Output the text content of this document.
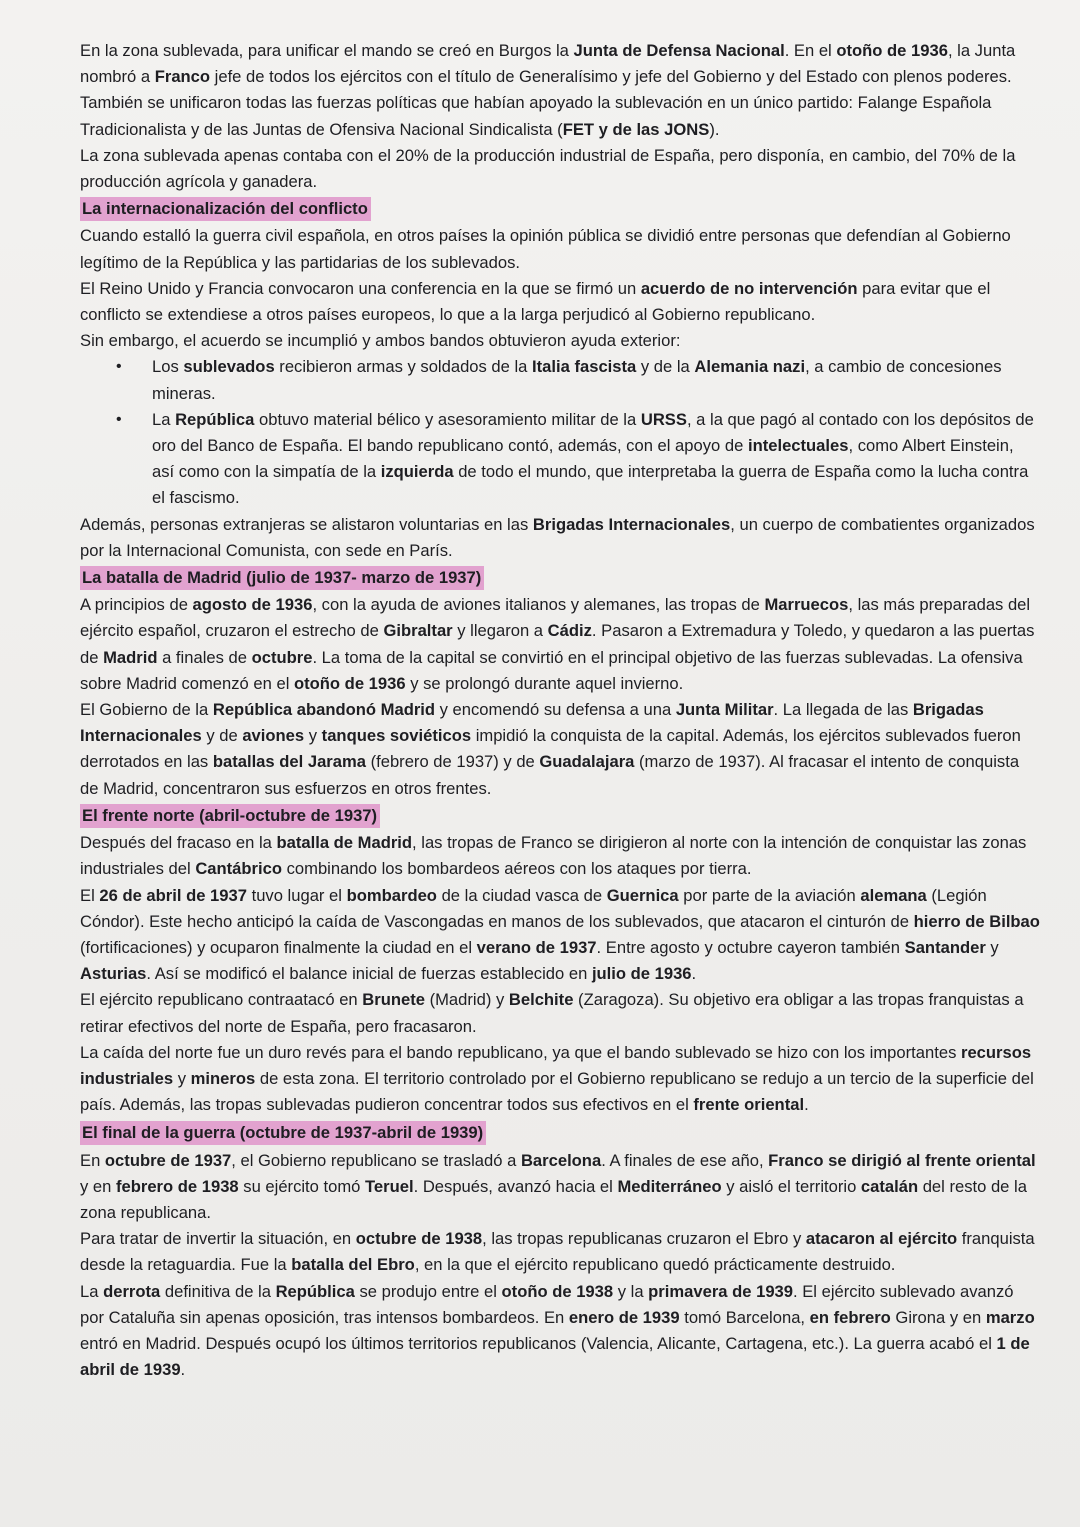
En la zona sublevada, para unificar el mando se creó en Burgos la Junta de Defensa Nacional. En el otoño de 1936, la Junta nombró a Franco jefe de todos los ejércitos con el título de Generalísimo y jefe del Gobierno y del Estado con plenos poderes. También se unificaron todas las fuerzas políticas que habían apoyado la sublevación en un único partido: Falange Española Tradicionalista y de las Juntas de Ofensiva Nacional Sindicalista (FET y de las JONS).

La zona sublevada apenas contaba con el 20% de la producción industrial de España, pero disponía, en cambio, del 70% de la producción agrícola y ganadera.

La internacionalización del conflicto

Cuando estalló la guerra civil española, en otros países la opinión pública se dividió entre personas que defendían al Gobierno legítimo de la República y las partidarias de los sublevados.

El Reino Unido y Francia convocaron una conferencia en la que se firmó un acuerdo de no intervención para evitar que el conflicto se extendiese a otros países europeos, lo que a la larga perjudicó al Gobierno republicano.

Sin embargo, el acuerdo se incumplió y ambos bandos obtuvieron ayuda exterior:

• Los sublevados recibieron armas y soldados de la Italia fascista y de la Alemania nazi, a cambio de concesiones mineras.
• La República obtuvo material bélico y asesoramiento militar de la URSS, a la que pagó al contado con los depósitos de oro del Banco de España. El bando republicano contó, además, con el apoyo de intelectuales, como Albert Einstein, así como con la simpatía de la izquierda de todo el mundo, que interpretaba la guerra de España como la lucha contra el fascismo.

Además, personas extranjeras se alistaron voluntarias en las Brigadas Internacionales, un cuerpo de combatientes organizados por la Internacional Comunista, con sede en París.

La batalla de Madrid (julio de 1937- marzo de 1937)

A principios de agosto de 1936, con la ayuda de aviones italianos y alemanes, las tropas de Marruecos, las más preparadas del ejército español, cruzaron el estrecho de Gibraltar y llegaron a Cádiz. Pasaron a Extremadura y Toledo, y quedaron a las puertas de Madrid a finales de octubre. La toma de la capital se convirtió en el principal objetivo de las fuerzas sublevadas. La ofensiva sobre Madrid comenzó en el otoño de 1936 y se prolongó durante aquel invierno.

El Gobierno de la República abandonó Madrid y encomendó su defensa a una Junta Militar. La llegada de las Brigadas Internacionales y de aviones y tanques soviéticos impidió la conquista de la capital. Además, los ejércitos sublevados fueron derrotados en las batallas del Jarama (febrero de 1937) y de Guadalajara (marzo de 1937). Al fracasar el intento de conquista de Madrid, concentraron sus esfuerzos en otros frentes.

El frente norte (abril-octubre de 1937)

Después del fracaso en la batalla de Madrid, las tropas de Franco se dirigieron al norte con la intención de conquistar las zonas industriales del Cantábrico combinando los bombardeos aéreos con los ataques por tierra.

El 26 de abril de 1937 tuvo lugar el bombardeo de la ciudad vasca de Guernica por parte de la aviación alemana (Legión Cóndor). Este hecho anticipó la caída de Vascongadas en manos de los sublevados, que atacaron el cinturón de hierro de Bilbao (fortificaciones) y ocuparon finalmente la ciudad en el verano de 1937. Entre agosto y octubre cayeron también Santander y Asturias. Así se modificó el balance inicial de fuerzas establecido en julio de 1936.

El ejército republicano contraatacó en Brunete (Madrid) y Belchite (Zaragoza). Su objetivo era obligar a las tropas franquistas a retirar efectivos del norte de España, pero fracasaron.

La caída del norte fue un duro revés para el bando republicano, ya que el bando sublevado se hizo con los importantes recursos industriales y mineros de esta zona. El territorio controlado por el Gobierno republicano se redujo a un tercio de la superficie del país. Además, las tropas sublevadas pudieron concentrar todos sus efectivos en el frente oriental.

El final de la guerra (octubre de 1937-abril de 1939)

En octubre de 1937, el Gobierno republicano se trasladó a Barcelona. A finales de ese año, Franco se dirigió al frente oriental y en febrero de 1938 su ejército tomó Teruel. Después, avanzó hacia el Mediterráneo y aisló el territorio catalán del resto de la zona republicana.

Para tratar de invertir la situación, en octubre de 1938, las tropas republicanas cruzaron el Ebro y atacaron al ejército franquista desde la retaguardia. Fue la batalla del Ebro, en la que el ejército republicano quedó prácticamente destruido.

La derrota definitiva de la República se produjo entre el otoño de 1938 y la primavera de 1939. El ejército sublevado avanzó por Cataluña sin apenas oposición, tras intensos bombardeos. En enero de 1939 tomó Barcelona, en febrero Girona y en marzo entró en Madrid. Después ocupó los últimos territorios republicanos (Valencia, Alicante, Cartagena, etc.). La guerra acabó el 1 de abril de 1939.
